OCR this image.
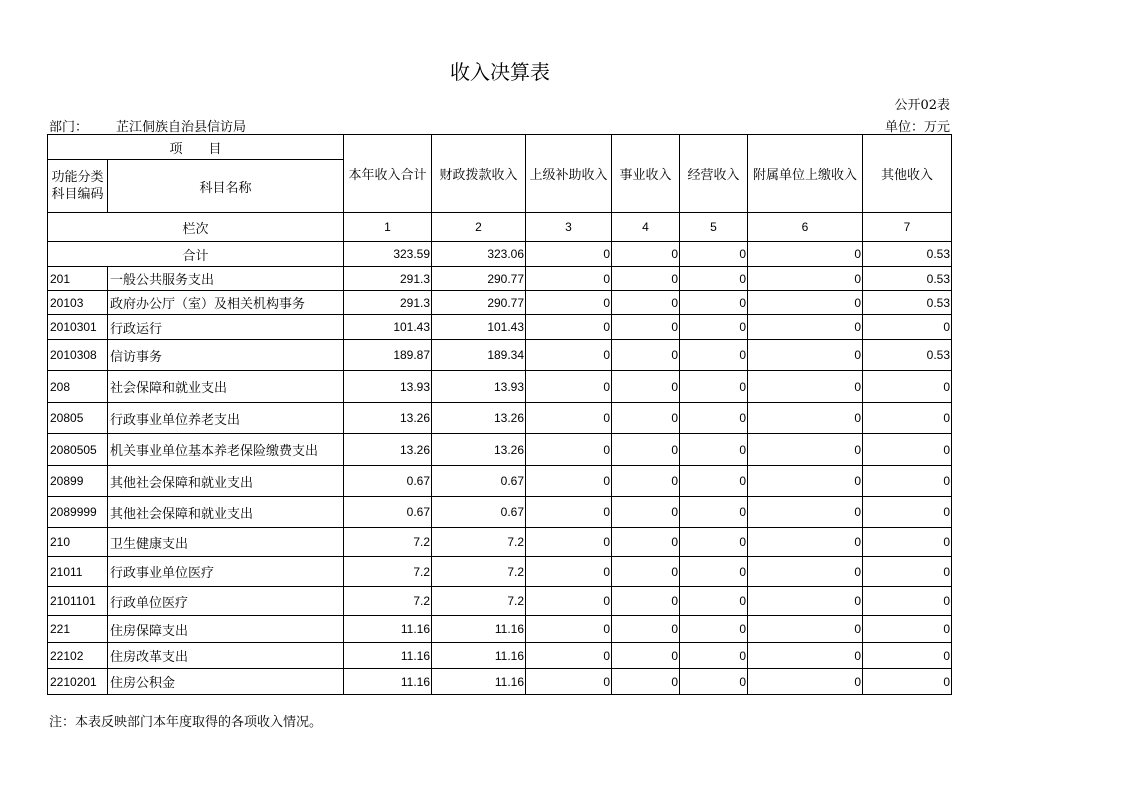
收入决算表
公开02表
部门： 芷江侗族自治县信访局	单位：万元
项　　目		本年收入合计	财政拨款收入	上级补助收入	事业收入	经营收入	附属单位上缴收入	其他收入
功能分类科目编码	科目名称							
栏次		1	2	3	4	5	6	7
合计		323.59	323.06	0	0	0	0	0.53
201	一般公共服务支出	291.3	290.77	0	0	0	0	0.53
20103	政府办公厅（室）及相关机构事务	291.3	290.77	0	0	0	0	0.53
2010301	行政运行	101.43	101.43	0	0	0	0	0
2010308	信访事务	189.87	189.34	0	0	0	0	0.53
208	社会保障和就业支出	13.93	13.93	0	0	0	0	0
20805	行政事业单位养老支出	13.26	13.26	0	0	0	0	0
2080505	机关事业单位基本养老保险缴费支出	13.26	13.26	0	0	0	0	0
20899	其他社会保障和就业支出	0.67	0.67	0	0	0	0	0
2089999	其他社会保障和就业支出	0.67	0.67	0	0	0	0	0
210	卫生健康支出	7.2	7.2	0	0	0	0	0
21011	行政事业单位医疗	7.2	7.2	0	0	0	0	0
2101101	行政单位医疗	7.2	7.2	0	0	0	0	0
221	住房保障支出	11.16	11.16	0	0	0	0	0
22102	住房改革支出	11.16	11.16	0	0	0	0	0
2210201	住房公积金	11.16	11.16	0	0	0	0	0
注：本表反映部门本年度取得的各项收入情况。
